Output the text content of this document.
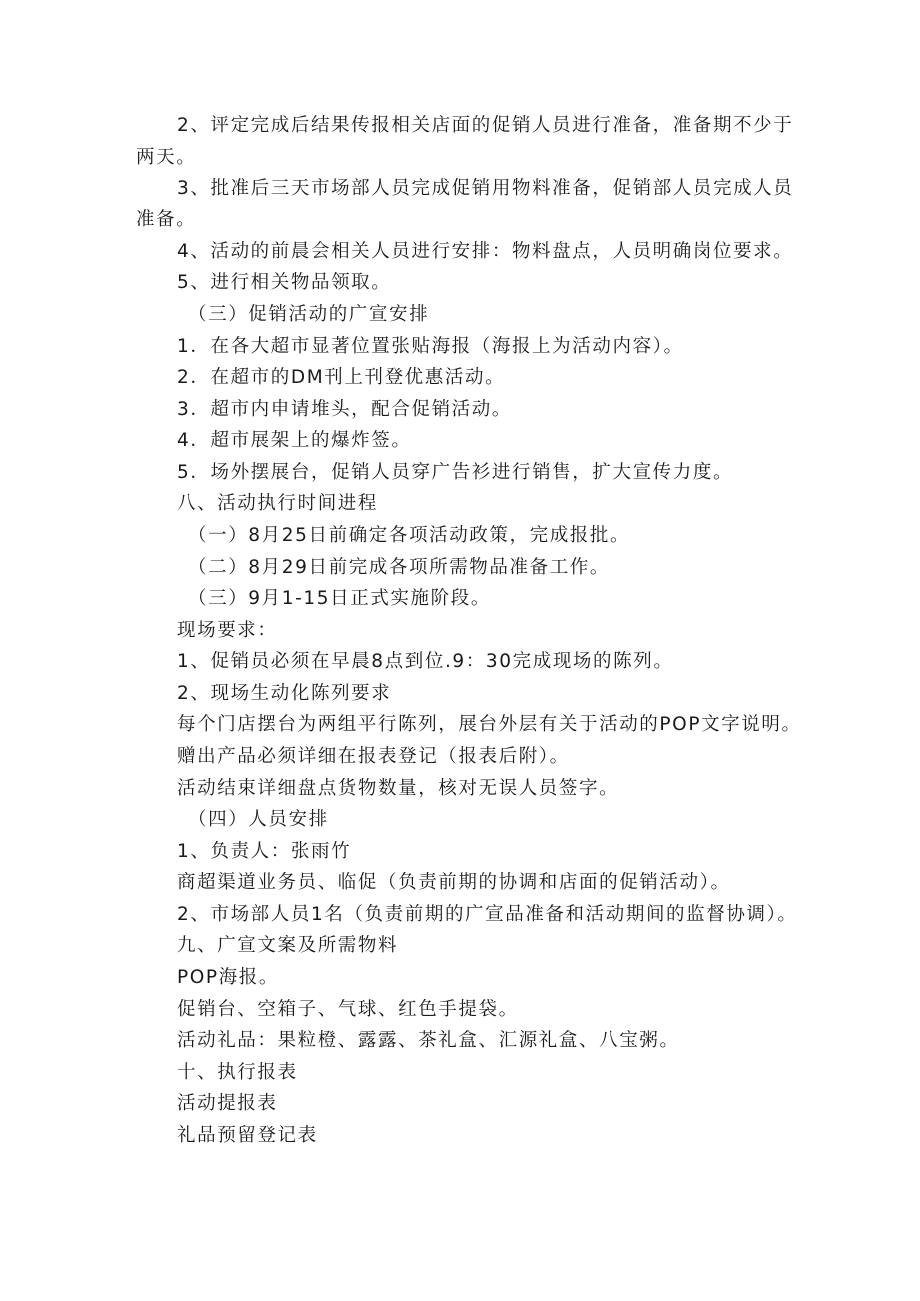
2、评定完成后结果传报相关店面的促销人员进行准备，准备期不少于
两天。
3、批准后三天市场部人员完成促销用物料准备，促销部人员完成人员
准备。
4、活动的前晨会相关人员进行安排：物料盘点，人员明确岗位要求。
5、进行相关物品领取。
（三）促销活动的广宣安排
1．在各大超市显著位置张贴海报（海报上为活动内容）。
2．在超市的DM刊上刊登优惠活动。
3．超市内申请堆头，配合促销活动。
4．超市展架上的爆炸签。
5．场外摆展台，促销人员穿广告衫进行销售，扩大宣传力度。
八、活动执行时间进程
（一）8月25日前确定各项活动政策，完成报批。
（二）8月29日前完成各项所需物品准备工作。
（三）9月1-15日正式实施阶段。
现场要求：
1、促销员必须在早晨8点到位.9：30完成现场的陈列。
2、现场生动化陈列要求
每个门店摆台为两组平行陈列，展台外层有关于活动的POP文字说明。
赠出产品必须详细在报表登记（报表后附）。
活动结束详细盘点货物数量，核对无误人员签字。
（四）人员安排
1、负责人：张雨竹
商超渠道业务员、临促（负责前期的协调和店面的促销活动）。
2、市场部人员1名（负责前期的广宣品准备和活动期间的监督协调）。
九、广宣文案及所需物料
POP海报。
促销台、空箱子、气球、红色手提袋。
活动礼品：果粒橙、露露、茶礼盒、汇源礼盒、八宝粥。
十、执行报表
活动提报表
礼品预留登记表
